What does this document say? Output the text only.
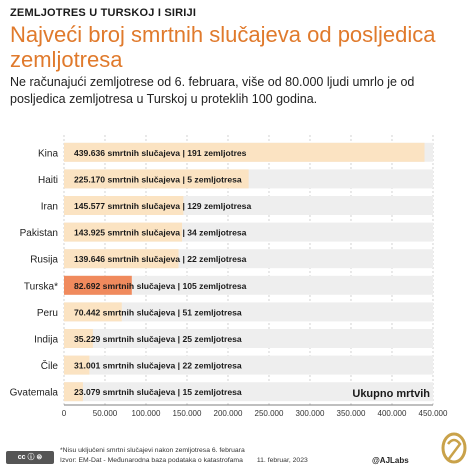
ZEMLJOTRES U TURSKOJ I SIRIJI
Najveći broj smrtnih slučajeva od posljedica zemljotresa
Ne računajući zemljotrese od 6. februara, više od 80.000 ljudi umrlo je od posljedica zemljotresa u Turskoj u proteklih 100 godina.
Kina 439.636 smrtnih slučajeva | 191 zemljotres
Haiti 225.170 smrtnih slučajeva | 5 zemljotresa
Iran 145.577 smrtnih slučajeva | 129 zemljotresa
Pakistan 143.925 smrtnih slučajeva | 34 zemljotresa
Rusija 139.646 smrtnih slučajeva | 22 zemljotresa
Turska* 82.692 smrtnih slučajeva | 105 zemljotresa
Peru 70.442 smrtnih slučajeva | 51 zemljotresa
Indija 35.229 smrtnih slučajeva | 25 zemljotresa
Čile 31.001 smrtnih slučajeva | 22 zemljotresa
Gvatemala 23.079 smrtnih slučajeva | 15 zemljotresa
0	50.000 100.000 150.000 200.000 250.000 300.000 350.000 400.000 450.000
Ukupno mrtvih
*Nisu uključeni smrtni slučajevi nakon zemljotresa 6. februara
Izvor: EM-Dat - Međunarodna baza podataka o katastrofama 11. februar, 2023
cc ⓘ ⊜	@AJLabs
